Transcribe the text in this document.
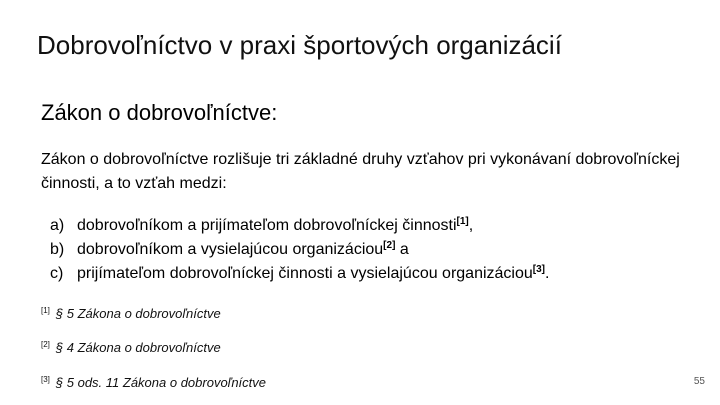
Dobrovoľníctvo v praxi športových organizácií
Zákon o dobrovoľníctve:
Zákon o dobrovoľníctve rozlišuje tri základné druhy vzťahov pri vykonávaní dobrovoľníckej činnosti, a to vzťah medzi:
a) dobrovoľníkom a prijímateľom dobrovoľníckej činnosti[1],
b) dobrovoľníkom a vysielajúcou organizáciou[2] a
c) prijímateľom dobrovoľníckej činnosti a vysielajúcou organizáciou[3].
[1] § 5 Zákona o dobrovoľníctve
[2] § 4 Zákona o dobrovoľníctve
[3] § 5 ods. 11 Zákona o dobrovoľníctve	55
